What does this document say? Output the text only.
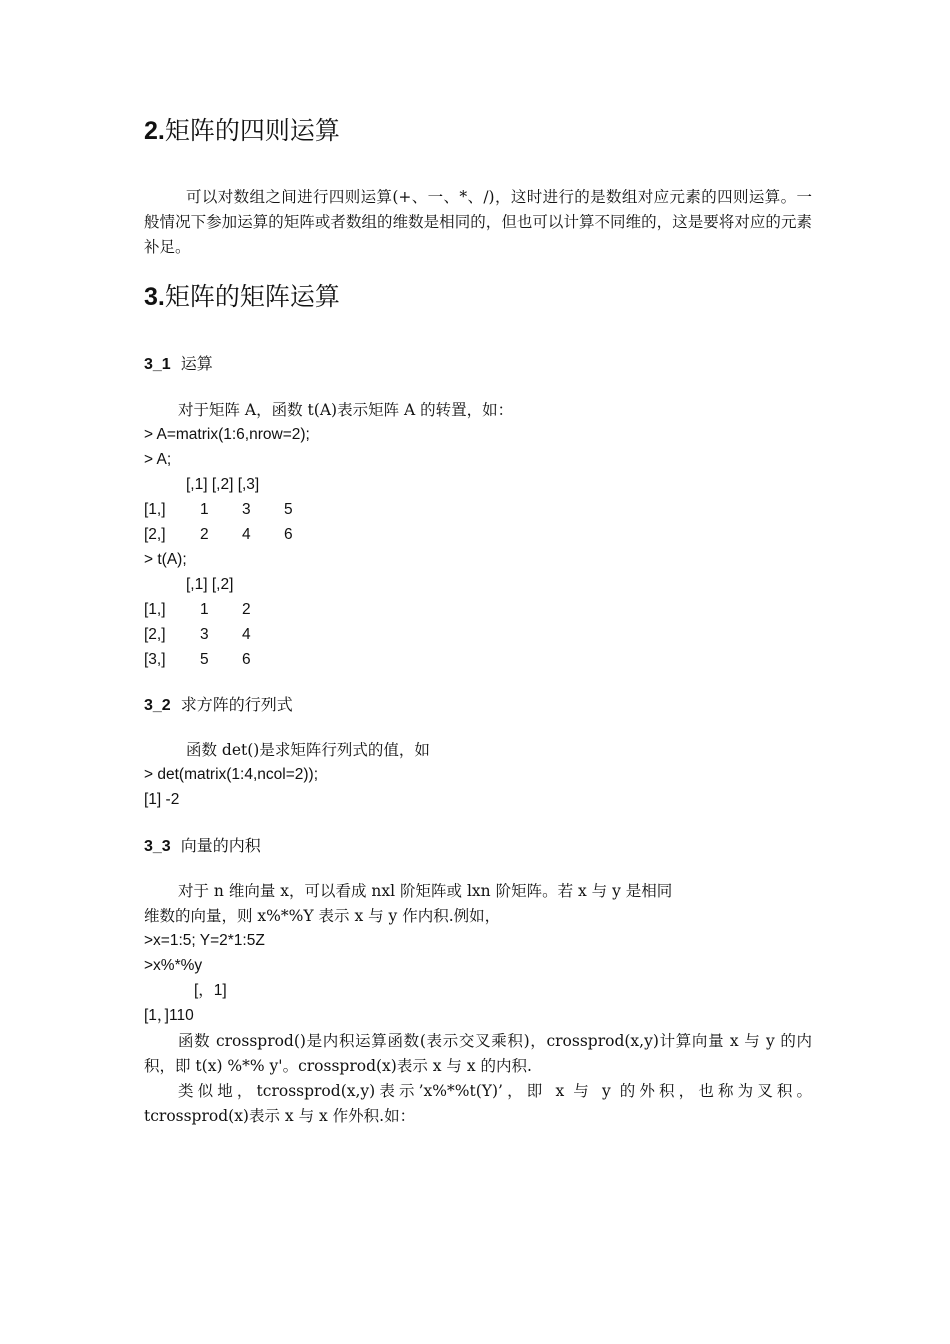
2.矩阵的四则运算
可以对数组之间进行四则运算(+、一、*、/)，这时进行的是数组对应元素的四则运算。一般情况下参加运算的矩阵或者数组的维数是相同的，但也可以计算不同维的，这是要将对应的元素补足。
3.矩阵的矩阵运算
3_1 运算
对于矩阵 A，函数 t(A)表示矩阵 A 的转置，如：
> A=matrix(1:6,nrow=2);
> A;
[,1] [,2] [,3]
[1,] 1 3 5
[2,] 2 4 6
> t(A);
[,1] [,2]
[1,] 1 2
[2,] 3 4
[3,] 5 6
3_2 求方阵的行列式
函数 det()是求矩阵行列式的值，如
> det(matrix(1:4,ncol=2));
[1] -2
3_3 向量的内积
对于 n 维向量 x，可以看成 nxl 阶矩阵或 lxn 阶矩阵。若 x 与 y 是相同
维数的向量，则 x%*%Y 表示 x 与 y 作内积.例如，
>x=1:5; Y=2*1:5Z
>x%*%y
[，1]
[1，]110
函数 crossprod()是内积运算函数(表示交叉乘积)，crossprod(x,y)计算向量 x 与 y 的内积，即 t(x) %*% y'。crossprod(x)表示 x 与 x 的内积.
类似地，tcrossprod(x,y)表示’x%*%t(Y)’，即 x 与 y 的外积，也称为叉积。tcrossprod(x)表示 x 与 x 作外积.如：
